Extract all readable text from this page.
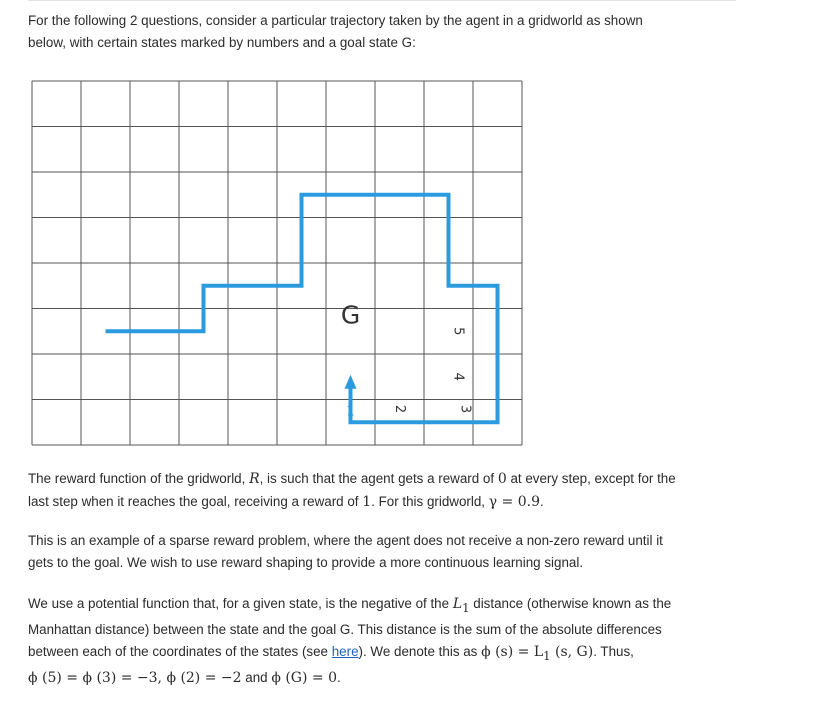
For the following 2 questions, consider a particular trajectory taken by the agent in a gridworld as shown
below, with certain states marked by numbers and a goal state G:

G
1	2	3
4
5

The reward function of the gridworld, R, is such that the agent gets a reward of 0 at every step, except for the
last step when it reaches the goal, receiving a reward of 1. For this gridworld, γ = 0.9.

This is an example of a sparse reward problem, where the agent does not receive a non-zero reward until it
gets to the goal. We wish to use reward shaping to provide a more continuous learning signal.

We use a potential function that, for a given state, is the negative of the $L_1$ distance (otherwise known as the
Manhattan distance) between the state and the goal G. This distance is the sum of the absolute differences
between each of the coordinates of the states (see here). We denote this as ϕ $(s) = L_1$ (s, G). Thus,
ϕ (5) = ϕ (3) = −3, ϕ (2) = −2 and ϕ (G) = 0.
